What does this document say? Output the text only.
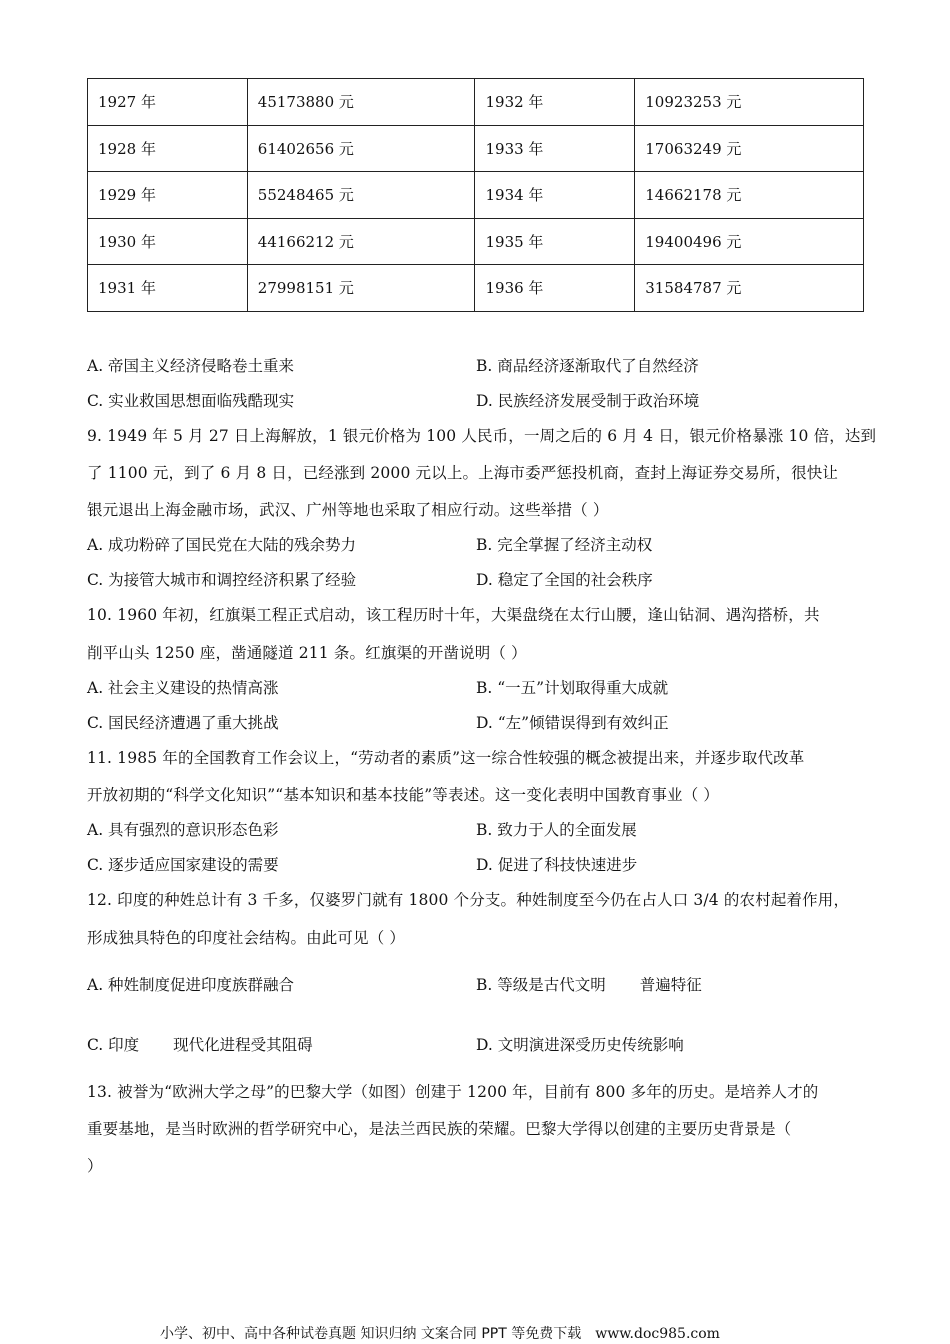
1927 年	45173880 元	1932 年	10923253 元
1928 年	61402656 元	1933 年	17063249 元
1929 年	55248465 元	1934 年	14662178 元
1930 年	44166212 元	1935 年	19400496 元
1931 年	27998151 元	1936 年	31584787 元
A. 帝国主义经济侵略卷土重来	B. 商品经济逐渐取代了自然经济
C. 实业救国思想面临残酷现实	D. 民族经济发展受制于政治环境
9. 1949 年 5 月 27 日上海解放，1 银元价格为 100 人民币，一周之后的 6 月 4 日，银元价格暴涨 10 倍，达到
了 1100 元，到了 6 月 8 日，已经涨到 2000 元以上。上海市委严惩投机商，查封上海证券交易所，很快让
银元退出上海金融市场，武汉、广州等地也采取了相应行动。这些举措（ ）
A. 成功粉碎了国民党在大陆的残余势力	B. 完全掌握了经济主动权
C. 为接管大城市和调控经济积累了经验	D. 稳定了全国的社会秩序
10. 1960 年初，红旗渠工程正式启动，该工程历时十年，大渠盘绕在太行山腰，逢山钻洞、遇沟搭桥，共
削平山头 1250 座，凿通隧道 211 条。红旗渠的开凿说明（ ）
A. 社会主义建设的热情高涨	B. “一五”计划取得重大成就
C. 国民经济遭遇了重大挑战	D. “左”倾错误得到有效纠正
11. 1985 年的全国教育工作会议上，“劳动者的素质”这一综合性较强的概念被提出来，并逐步取代改革
开放初期的“科学文化知识”“基本知识和基本技能”等表述。这一变化表明中国教育事业（ ）
A. 具有强烈的意识形态色彩	B. 致力于人的全面发展
C. 逐步适应国家建设的需要	D. 促进了科技快速进步
12. 印度的种姓总计有 3 千多，仅婆罗门就有 1800 个分支。种姓制度至今仍在占人口 3/4 的农村起着作用，
形成独具特色的印度社会结构。由此可见（ ）
A. 种姓制度促进印度族群融合	B. 等级是古代文明 普遍特征
C. 印度 现代化进程受其阻碍	D. 文明演进深受历史传统影响
13. 被誉为“欧洲大学之母”的巴黎大学（如图）创建于 1200 年，目前有 800 多年的历史。是培养人才的
重要基地，是当时欧洲的哲学研究中心，是法兰西民族的荣耀。巴黎大学得以创建的主要历史背景是（
）
小学、初中、高中各种试卷真题 知识归纳 文案合同 PPT 等免费下载 www.doc985.com
